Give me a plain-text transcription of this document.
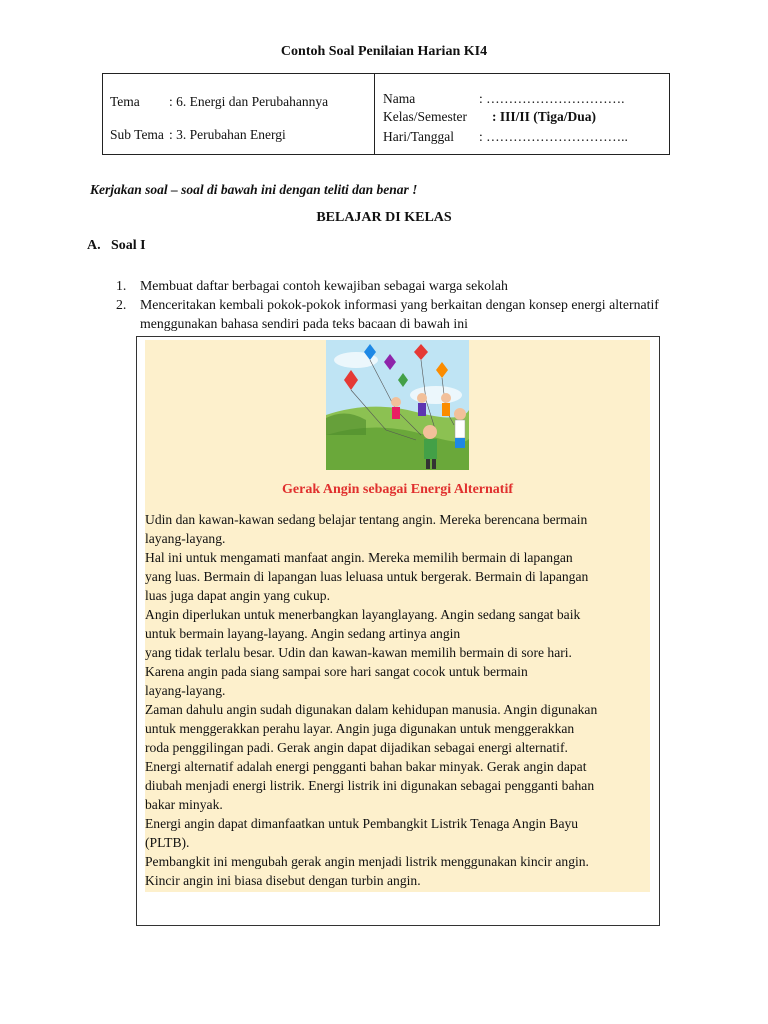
Contoh Soal Penilaian Harian KI4
Tema : 6. Energi dan Perubahannya
Sub Tema : 3. Perubahan Energi
Nama	: ………………………….
Kelas/Semester : III/II (Tiga/Dua)
Hari/Tanggal : …………………………..
Kerjakan soal – soal di bawah ini dengan teliti dan benar !
BELAJAR DI KELAS
A. Soal I
1. Membuat daftar berbagai contoh kewajiban sebagai warga sekolah
2. Menceritakan kembali pokok-pokok informasi yang berkaitan dengan konsep energi alternatif menggunakan bahasa sendiri pada teks bacaan di bawah ini
Gerak Angin sebagai Energi Alternatif

Udin dan kawan-kawan sedang belajar tentang angin. Mereka berencana bermain

layang-layang.

Hal ini untuk mengamati manfaat angin. Mereka memilih bermain di lapangan

yang luas. Bermain di lapangan luas leluasa untuk bergerak. Bermain di lapangan

luas juga dapat angin yang cukup.

Angin diperlukan untuk menerbangkan layanglayang. Angin sedang sangat baik

untuk bermain layang-layang. Angin sedang artinya angin

yang tidak terlalu besar. Udin dan kawan-kawan memilih bermain di sore hari.

Karena angin pada siang sampai sore hari sangat cocok untuk bermain

layang-layang.

Zaman dahulu angin sudah digunakan dalam kehidupan manusia. Angin digunakan

untuk menggerakkan perahu layar. Angin juga digunakan untuk menggerakkan

roda penggilingan padi. Gerak angin dapat dijadikan sebagai energi alternatif.

Energi alternatif adalah energi pengganti bahan bakar minyak. Gerak angin dapat

diubah menjadi energi listrik. Energi listrik ini digunakan sebagai pengganti bahan

bakar minyak.

Energi angin dapat dimanfaatkan untuk Pembangkit Listrik Tenaga Angin Bayu

(PLTB).

Pembangkit ini mengubah gerak angin menjadi listrik menggunakan kincir angin.

Kincir angin ini biasa disebut dengan turbin angin.
